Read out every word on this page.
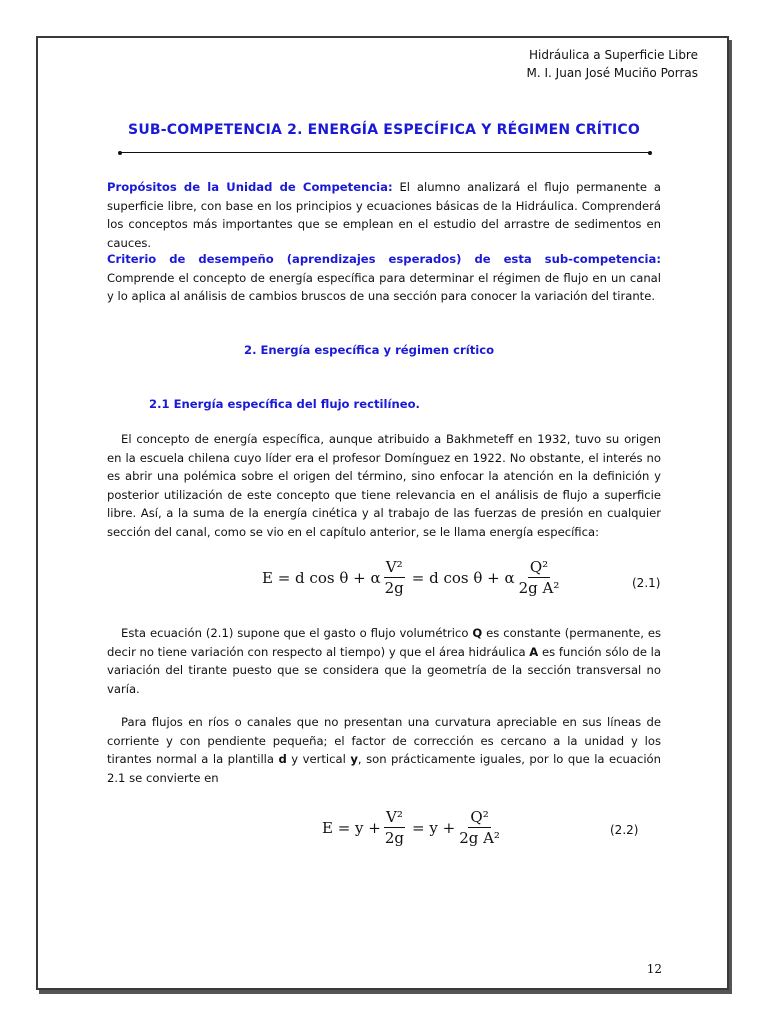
Hidráulica a Superficie Libre
M. I. Juan José Muciño Porras
SUB-COMPETENCIA 2. ENERGÍA ESPECÍFICA Y RÉGIMEN CRÍTICO

Propósitos de la Unidad de Competencia: El alumno analizará el flujo permanente a superficie libre, con base en los principios y ecuaciones básicas de la Hidráulica. Comprenderá los conceptos más importantes que se emplean en el estudio del arrastre de sedimentos en cauces.

Criterio de desempeño (aprendizajes esperados) de esta sub-competencia: Comprende el concepto de energía específica para determinar el régimen de flujo en un canal y lo aplica al análisis de cambios bruscos de una sección para conocer la variación del tirante.

2. Energía específica y régimen crítico
2.1 Energía específica del flujo rectilíneo.

El concepto de energía específica, aunque atribuido a Bakhmeteff en 1932, tuvo su origen en la escuela chilena cuyo líder era el profesor Domínguez en 1922. No obstante, el interés no es abrir una polémica sobre el origen del término, sino enfocar la atención en la definición y posterior utilización de este concepto que tiene relevancia en el análisis de flujo a superficie libre. Así, a la suma de la energía cinética y al trabajo de las fuerzas de presión en cualquier sección del canal, como se vio en el capítulo anterior, se le llama energía específica:

E = d cos θ + α $\frac{\text{V²}}{2g} = d$ cos θ + α $\frac{\text{Q²}}{\text{2g A²}}$	(2.1)

Esta ecuación (2.1) supone que el gasto o flujo volumétrico Q es constante (permanente, es decir no tiene variación con respecto al tiempo) y que el área hidráulica A es función sólo de la variación del tirante puesto que se considera que la geometría de la sección transversal no varía.

Para flujos en ríos o canales que no presentan una curvatura apreciable en sus líneas de corriente y con pendiente pequeña; el factor de corrección es cercano a la unidad y los tirantes normal a la plantilla d y vertical y, son prácticamente iguales, por lo que la ecuación 2.1 se convierte en

$E = y + \frac{\text{V²}}{2g} = y + \frac{\text{Q²}}{\text{2g A²}}$	(2.2)
12
